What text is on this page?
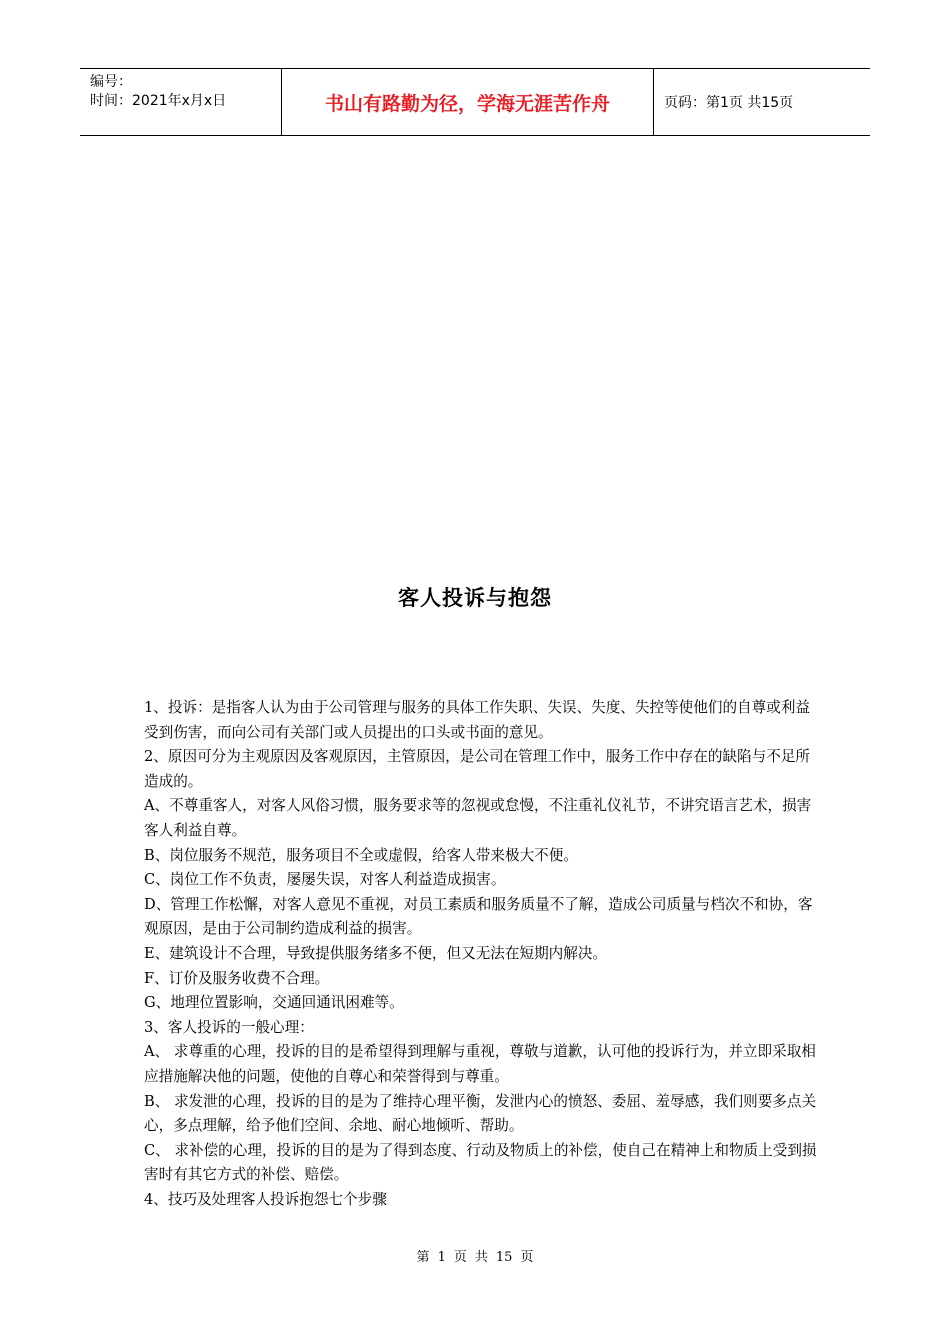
编号：
时间：2021年x月x日	书山有路勤为径，学海无涯苦作舟	页码：第1页 共15页
客人投诉与抱怨

1、投诉：是指客人认为由于公司管理与服务的具体工作失职、失误、失度、失控等使他们的自尊或利益受到伤害，而向公司有关部门或人员提出的口头或书面的意见。

2、原因可分为主观原因及客观原因，主管原因，是公司在管理工作中，服务工作中存在的缺陷与不足所造成的。

A、不尊重客人，对客人风俗习惯，服务要求等的忽视或怠慢，不注重礼仪礼节，不讲究语言艺术，损害客人利益自尊。

B、岗位服务不规范，服务项目不全或虚假，给客人带来极大不便。

C、岗位工作不负责，屡屡失误，对客人利益造成损害。

D、管理工作松懈，对客人意见不重视，对员工素质和服务质量不了解，造成公司质量与档次不和协，客观原因，是由于公司制约造成利益的损害。

E、建筑设计不合理，导致提供服务绪多不便，但又无法在短期内解决。

F、订价及服务收费不合理。

G、地理位置影响，交通回通讯困难等。

3、客人投诉的一般心理：

A、 求尊重的心理，投诉的目的是希望得到理解与重视，尊敬与道歉，认可他的投诉行为，并立即采取相应措施解决他的问题，使他的自尊心和荣誉得到与尊重。

B、 求发泄的心理，投诉的目的是为了维持心理平衡，发泄内心的愤怒、委屈、羞辱感，我们则要多点关心，多点理解，给予他们空间、余地、耐心地倾听、帮助。

C、 求补偿的心理，投诉的目的是为了得到态度、行动及物质上的补偿，使自己在精神上和物质上受到损害时有其它方式的补偿、赔偿。

4、技巧及处理客人投诉抱怨七个步骤

第 1 页 共 15 页
